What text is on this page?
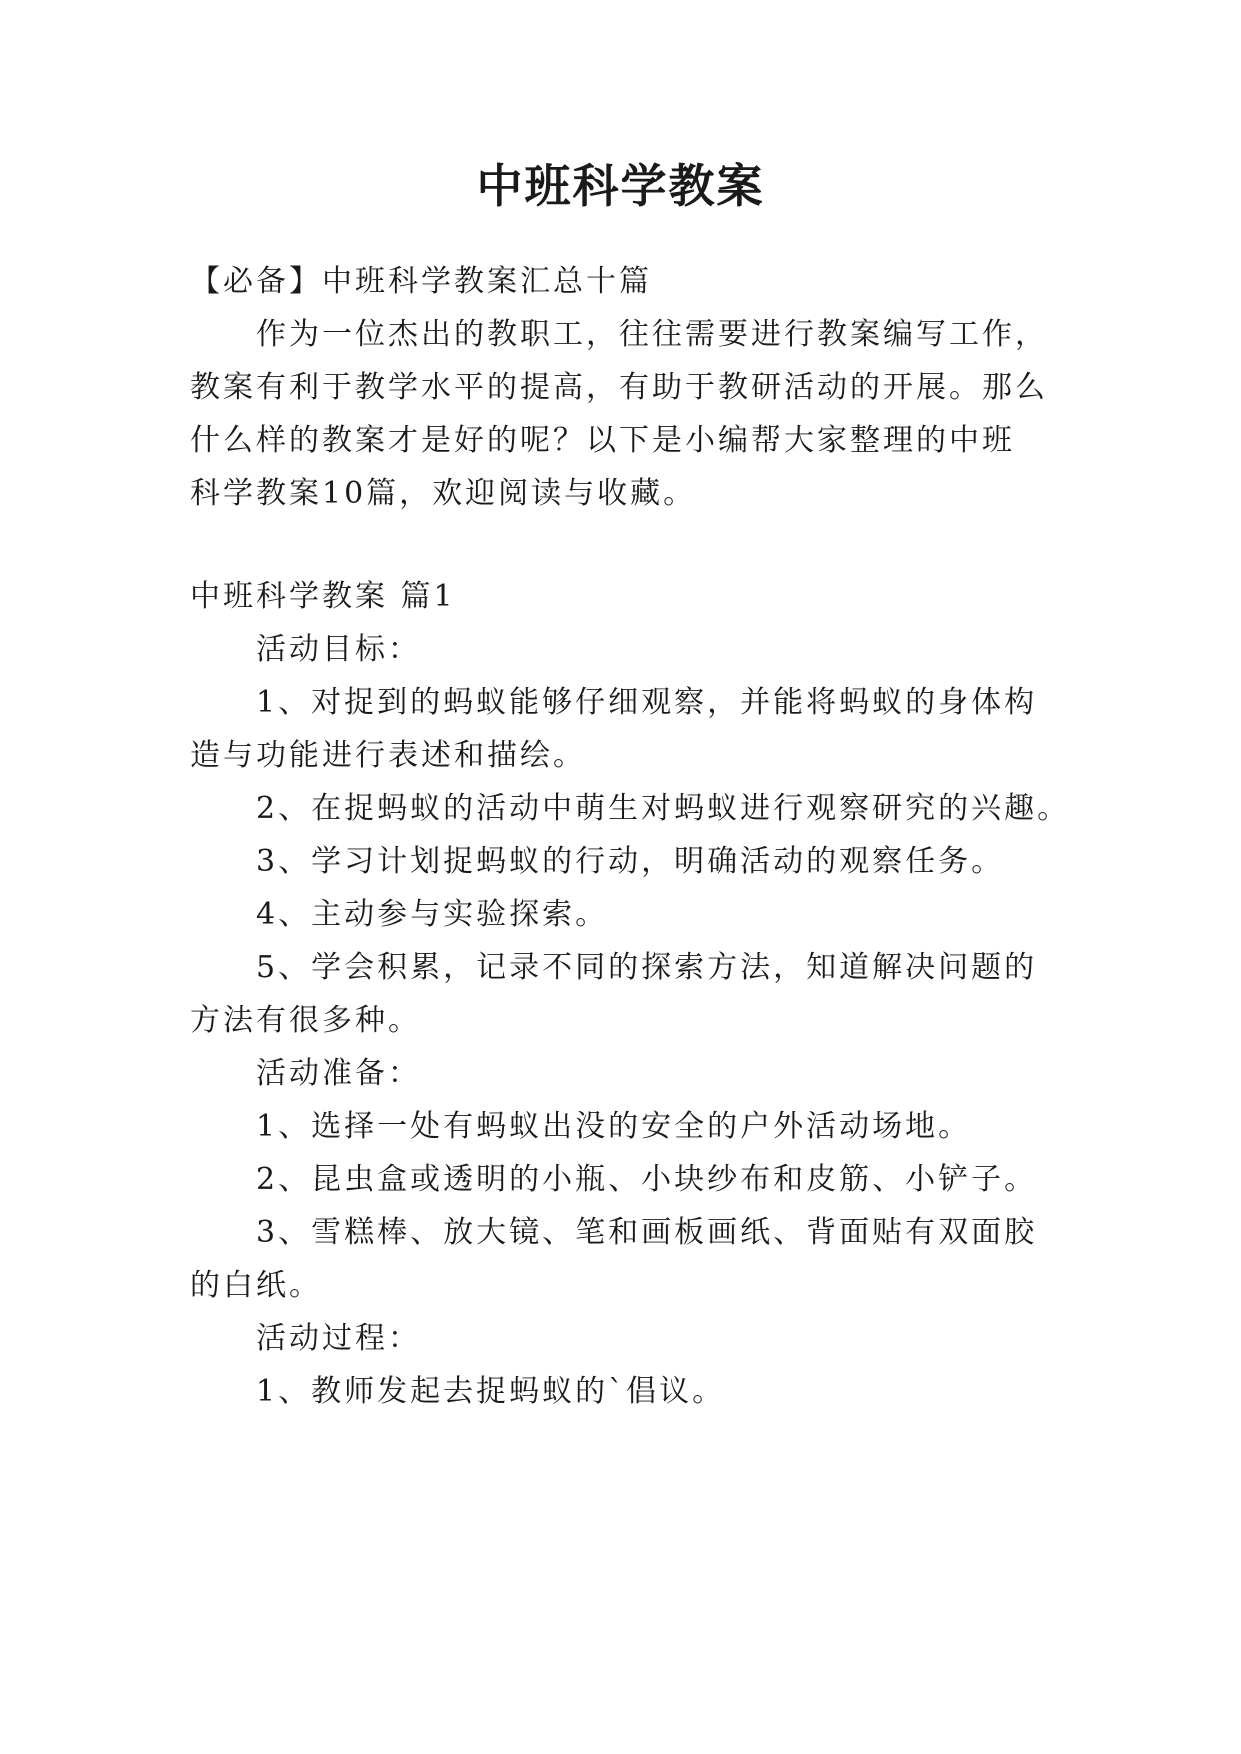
中班科学教案
【必备】中班科学教案汇总十篇
作为一位杰出的教职工，往往需要进行教案编写工作，
教案有利于教学水平的提高，有助于教研活动的开展。那么
什么样的教案才是好的呢？以下是小编帮大家整理的中班
科学教案10篇，欢迎阅读与收藏。
中班科学教案 篇1
活动目标：
1、对捉到的蚂蚁能够仔细观察，并能将蚂蚁的身体构
造与功能进行表述和描绘。
2、在捉蚂蚁的活动中萌生对蚂蚁进行观察研究的兴趣。
3、学习计划捉蚂蚁的行动，明确活动的观察任务。
4、主动参与实验探索。
5、学会积累，记录不同的探索方法，知道解决问题的
方法有很多种。
活动准备：
1、选择一处有蚂蚁出没的安全的户外活动场地。
2、昆虫盒或透明的小瓶、小块纱布和皮筋、小铲子。
3、雪糕棒、放大镜、笔和画板画纸、背面贴有双面胶
的白纸。
活动过程：
1、教师发起去捉蚂蚁的`倡议。
